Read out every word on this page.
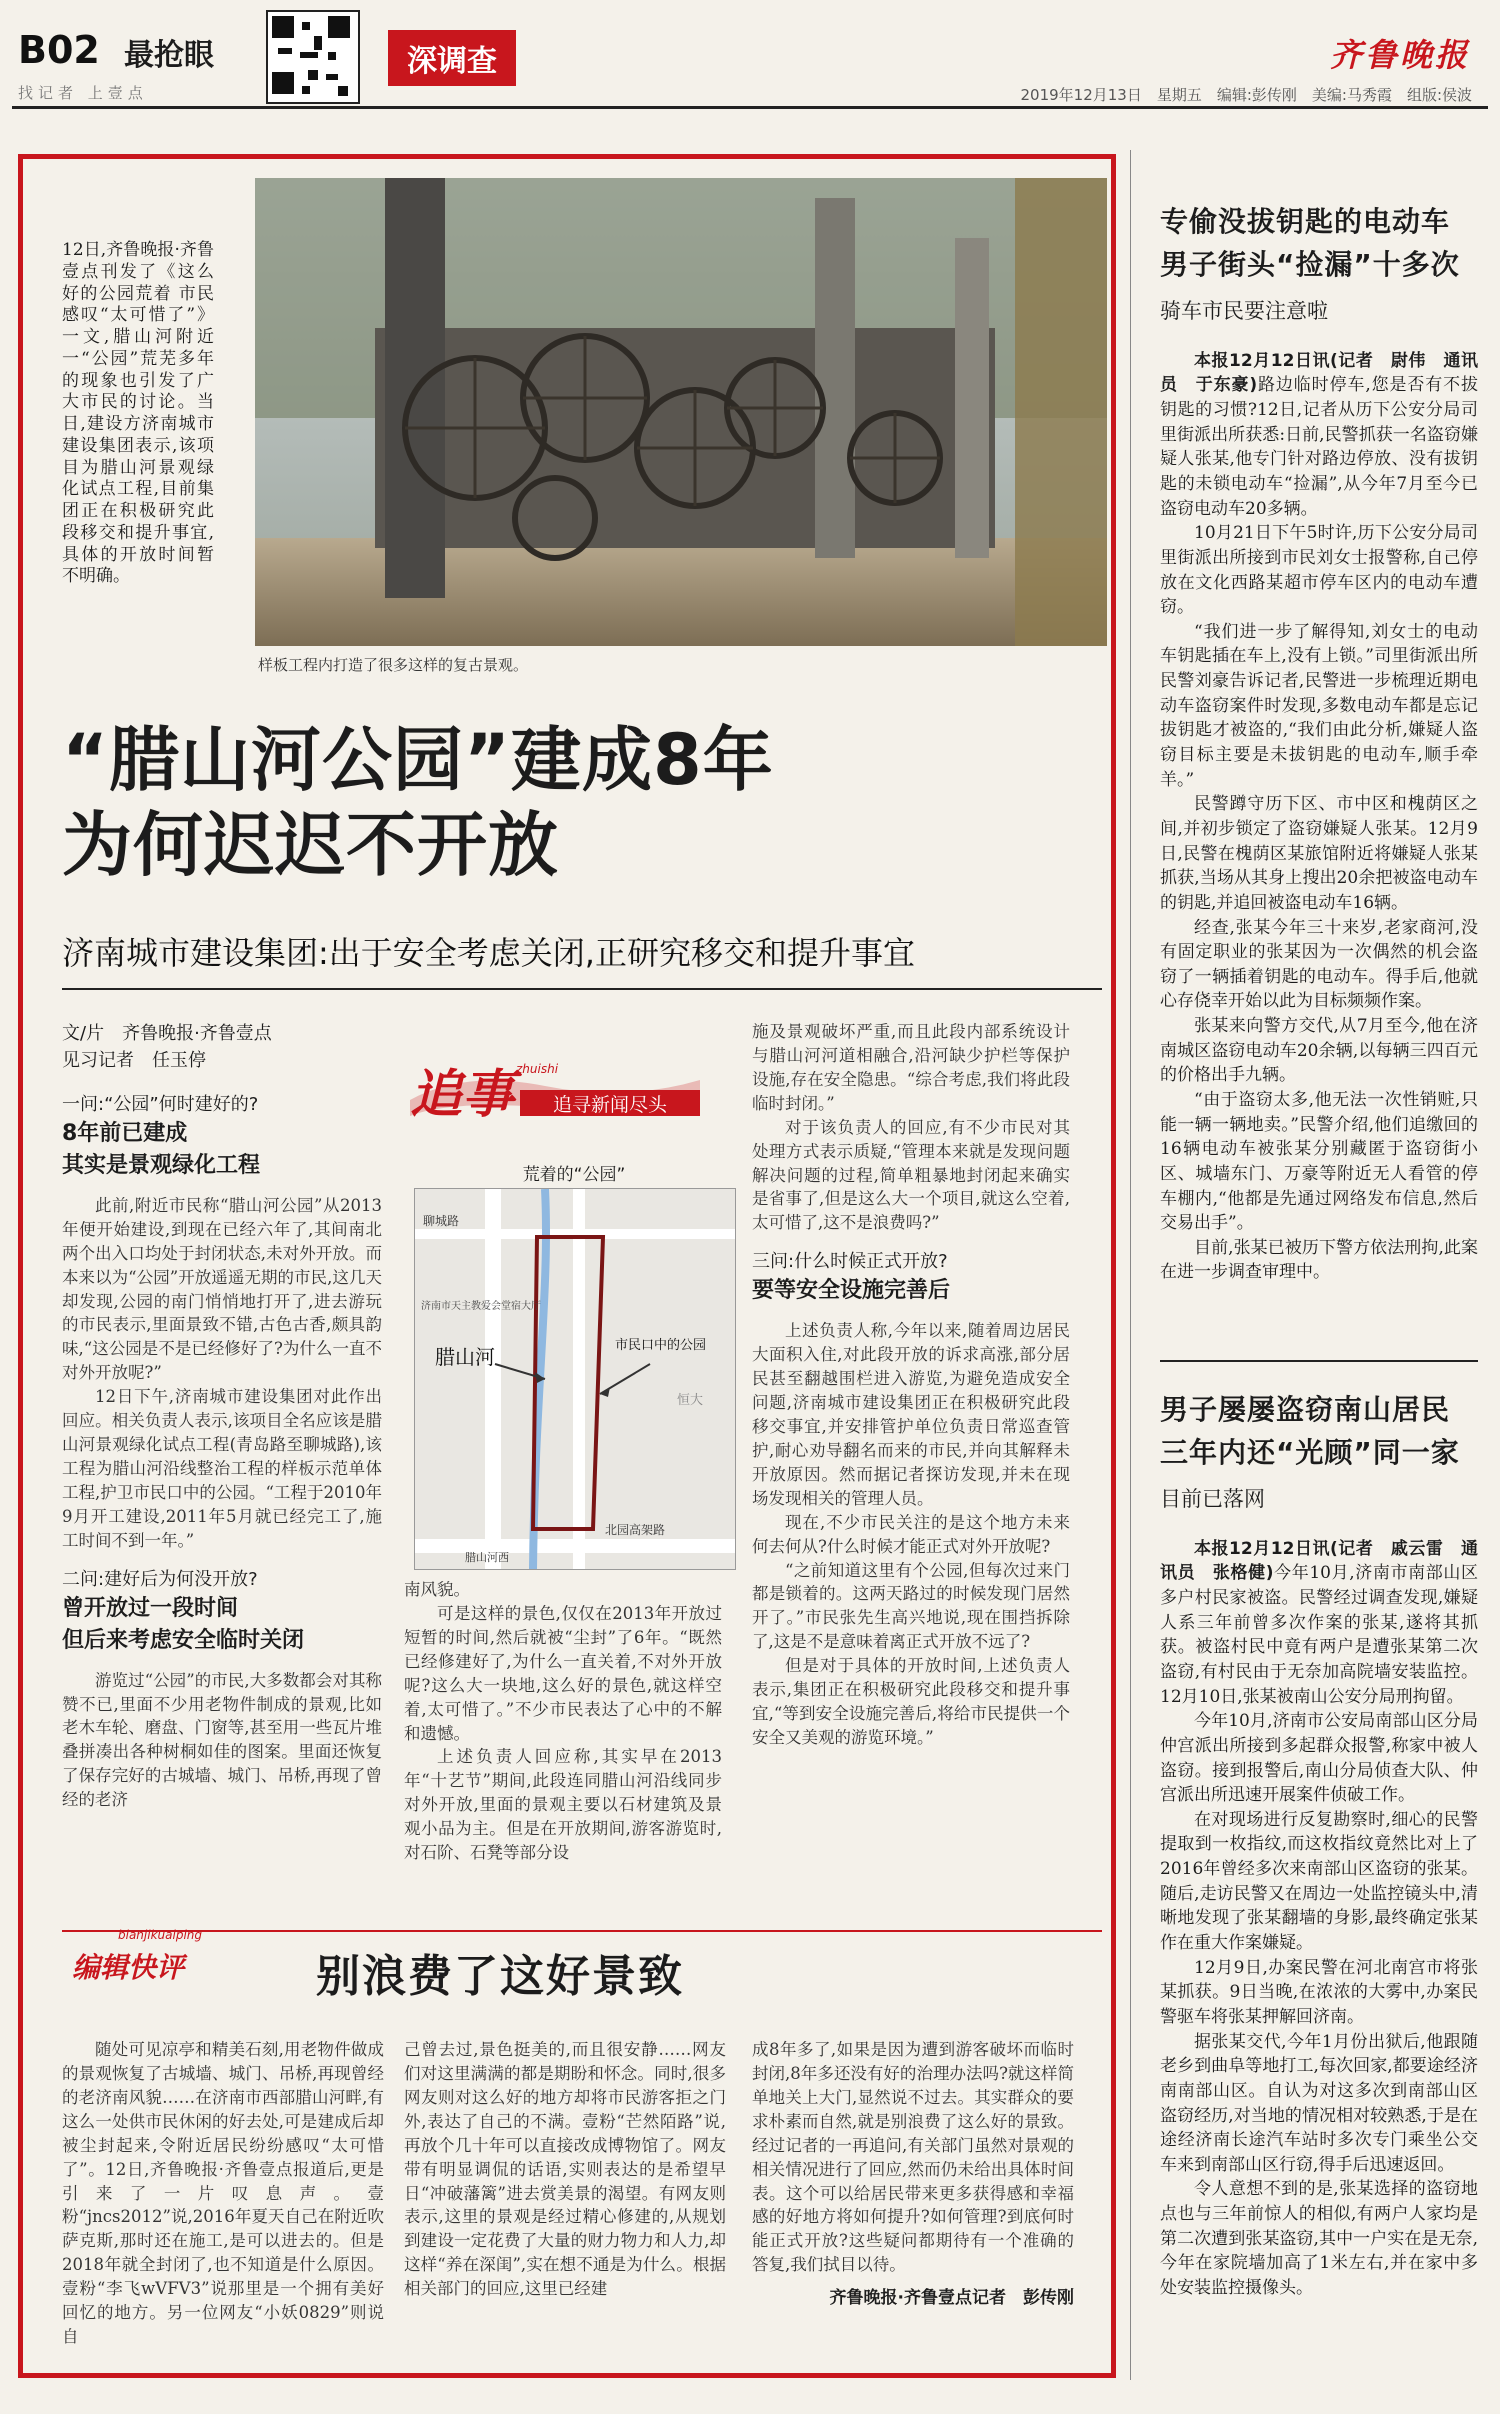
B02 最抢眼
找记者 上壹点
深调查	齐鲁晚报
2019年12月13日　星期五　编辑:彭传刚　美编:马秀霞　组版:侯波
样板工程内打造了很多这样的复古景观。
12日,齐鲁晚报·齐鲁壹点刊发了《这么好的公园荒着 市民感叹“太可惜了”》一文,腊山河附近一“公园”荒芜多年的现象也引发了广大市民的讨论。当日,建设方济南城市建设集团表示,该项目为腊山河景观绿化试点工程,目前集团正在积极研究此段移交和提升事宜,具体的开放时间暂不明确。
“腊山河公园”建成8年
为何迟迟不开放
济南城市建设集团:出于安全考虑关闭,正研究移交和提升事宜
文/片　齐鲁晚报·齐鲁壹点
见习记者　任玉停
一问:“公园”何时建好的?
8年前已建成
其实是景观绿化工程

此前,附近市民称“腊山河公园”从2013年便开始建设,到现在已经六年了,其间南北两个出入口均处于封闭状态,未对外开放。而本来以为“公园”开放遥遥无期的市民,这几天却发现,公园的南门悄悄地打开了,进去游玩的市民表示,里面景致不错,古色古香,颇具韵味,“这公园是不是已经修好了?为什么一直不对外开放呢?”

12日下午,济南城市建设集团对此作出回应。相关负责人表示,该项目全名应该是腊山河景观绿化试点工程(青岛路至聊城路),该工程为腊山河沿线整治工程的样板示范单体工程,护卫市民口中的公园。“工程于2010年9月开工建设,2011年5月就已经完工了,施工时间不到一年。”

二问:建好后为何没开放?
曾开放过一段时间
但后来考虑安全临时关闭

游览过“公园”的市民,大多数都会对其称赞不已,里面不少用老物件制成的景观,比如老木车轮、磨盘、门窗等,甚至用一些瓦片堆叠拼凑出各种树桐如佳的图案。里面还恢复了保存完好的古城墙、城门、吊桥,再现了曾经的老济

追事 zhuishi
追寻新闻尽头
荒着的“公园”
聊城路
济南市天主教爱会堂宿大厅
腊山河	市民口中的公园
恒大
腊山河西
北园高架路

南风貌。

可是这样的景色,仅仅在2013年开放过短暂的时间,然后就被“尘封”了6年。“既然已经修建好了,为什么一直关着,不对外开放呢?这么大一块地,这么好的景色,就这样空着,太可惜了。”不少市民表达了心中的不解和遗憾。

上述负责人回应称,其实早在2013年“十艺节”期间,此段连同腊山河沿线同步对外开放,里面的景观主要以石材建筑及景观小品为主。但是在开放期间,游客游览时,对石阶、石凳等部分设

施及景观破坏严重,而且此段内部系统设计与腊山河河道相融合,沿河缺少护栏等保护设施,存在安全隐患。“综合考虑,我们将此段临时封闭。”

对于该负责人的回应,有不少市民对其处理方式表示质疑,“管理本来就是发现问题解决问题的过程,简单粗暴地封闭起来确实是省事了,但是这么大一个项目,就这么空着,太可惜了,这不是浪费吗?”

三问:什么时候正式开放?
要等安全设施完善后

上述负责人称,今年以来,随着周边居民大面积入住,对此段开放的诉求高涨,部分居民甚至翻越围栏进入游览,为避免造成安全问题,济南城市建设集团正在积极研究此段移交事宜,并安排管护单位负责日常巡查管护,耐心劝导翻名而来的市民,并向其解释未开放原因。然而据记者探访发现,并未在现场发现相关的管理人员。

现在,不少市民关注的是这个地方未来何去何从?什么时候才能正式对外开放呢?

“之前知道这里有个公园,但每次过来门都是锁着的。这两天路过的时候发现门居然开了。”市民张先生高兴地说,现在围挡拆除了,这是不是意味着离正式开放不远了?

但是对于具体的开放时间,上述负责人表示,集团正在积极研究此段移交和提升事宜,“等到安全设施完善后,将给市民提供一个安全又美观的游览环境。”

bianjikuaiping
编辑快评	别浪费了这好景致

随处可见凉亭和精美石刻,用老物件做成的景观恢复了古城墙、城门、吊桥,再现曾经的老济南风貌……在济南市西部腊山河畔,有这么一处供市民休闲的好去处,可是建成后却被尘封起来,令附近居民纷纷感叹“太可惜了”。12日,齐鲁晚报·齐鲁壹点报道后,更是引来了一片叹息声。壹粉“jncs2012”说,2016年夏天自己在附近吹萨克斯,那时还在施工,是可以进去的。但是2018年就全封闭了,也不知道是什么原因。壹粉“李飞wVFV3”说那里是一个拥有美好回忆的地方。另一位网友“小妖0829”则说自

己曾去过,景色挺美的,而且很安静……网友们对这里满满的都是期盼和怀念。同时,很多网友则对这么好的地方却将市民游客拒之门外,表达了自己的不满。壹粉“芒然陌路”说,再放个几十年可以直接改成博物馆了。网友带有明显调侃的话语,实则表达的是希望早日“冲破藩篱”进去赏美景的渴望。有网友则表示,这里的景观是经过精心修建的,从规划到建设一定花费了大量的财力物力和人力,却这样“养在深闺”,实在想不通是为什么。根据相关部门的回应,这里已经建

成8年多了,如果是因为遭到游客破坏而临时封闭,8年多还没有好的治理办法吗?就这样简单地关上大门,显然说不过去。其实群众的要求朴素而自然,就是别浪费了这么好的景致。经过记者的一再追问,有关部门虽然对景观的相关情况进行了回应,然而仍未给出具体时间表。这个可以给居民带来更多获得感和幸福感的好地方将如何提升?如何管理?到底何时能正式开放?这些疑问都期待有一个准确的答复,我们拭目以待。

齐鲁晚报·齐鲁壹点记者　彭传刚
专偷没拔钥匙的电动车
男子街头“捡漏”十多次
骑车市民要注意啦

本报12月12日讯(记者　尉伟　通讯员　于东豪)路边临时停车,您是否有不拔钥匙的习惯?12日,记者从历下公安分局司里街派出所获悉:日前,民警抓获一名盗窃嫌疑人张某,他专门针对路边停放、没有拔钥匙的未锁电动车“捡漏”,从今年7月至今已盗窃电动车20多辆。

10月21日下午5时许,历下公安分局司里街派出所接到市民刘女士报警称,自己停放在文化西路某超市停车区内的电动车遭窃。

“我们进一步了解得知,刘女士的电动车钥匙插在车上,没有上锁。”司里街派出所民警刘豪告诉记者,民警进一步梳理近期电动车盗窃案件时发现,多数电动车都是忘记拔钥匙才被盗的,“我们由此分析,嫌疑人盗窃目标主要是未拔钥匙的电动车,顺手牵羊。”

民警蹲守历下区、市中区和槐荫区之间,并初步锁定了盗窃嫌疑人张某。12月9日,民警在槐荫区某旅馆附近将嫌疑人张某抓获,当场从其身上搜出20余把被盗电动车的钥匙,并追回被盗电动车16辆。

经查,张某今年三十来岁,老家商河,没有固定职业的张某因为一次偶然的机会盗窃了一辆插着钥匙的电动车。得手后,他就心存侥幸开始以此为目标频频作案。

张某来向警方交代,从7月至今,他在济南城区盗窃电动车20余辆,以每辆三四百元的价格出手九辆。

“由于盗窃太多,他无法一次性销赃,只能一辆一辆地卖。”民警介绍,他们追缴回的16辆电动车被张某分别藏匿于盗窃街小区、城墙东门、万豪等附近无人看管的停车棚内,“他都是先通过网络发布信息,然后交易出手”。

目前,张某已被历下警方依法刑拘,此案在进一步调查审理中。

男子屡屡盗窃南山居民
三年内还“光顾”同一家
目前已落网

本报12月12日讯(记者　戚云雷　通讯员　张格健)今年10月,济南市南部山区多户村民家被盗。民警经过调查发现,嫌疑人系三年前曾多次作案的张某,遂将其抓获。被盗村民中竟有两户是遭张某第二次盗窃,有村民由于无奈加高院墙安装监控。12月10日,张某被南山公安分局刑拘留。

今年10月,济南市公安局南部山区分局仲宫派出所接到多起群众报警,称家中被人盗窃。接到报警后,南山分局侦查大队、仲宫派出所迅速开展案件侦破工作。

在对现场进行反复勘察时,细心的民警提取到一枚指纹,而这枚指纹竟然比对上了2016年曾经多次来南部山区盗窃的张某。随后,走访民警又在周边一处监控镜头中,清晰地发现了张某翻墙的身影,最终确定张某作在重大作案嫌疑。

12月9日,办案民警在河北南宫市将张某抓获。9日当晚,在浓浓的大雾中,办案民警驱车将张某押解回济南。

据张某交代,今年1月份出狱后,他跟随老乡到曲阜等地打工,每次回家,都要途经济南南部山区。自认为对这多次到南部山区盗窃经历,对当地的情况相对较熟悉,于是在途经济南长途汽车站时多次专门乘坐公交车来到南部山区行窃,得手后迅速返回。

令人意想不到的是,张某选择的盗窃地点也与三年前惊人的相似,有两户人家均是第二次遭到张某盗窃,其中一户实在是无奈,今年在家院墙加高了1米左右,并在家中多处安装监控摄像头。
